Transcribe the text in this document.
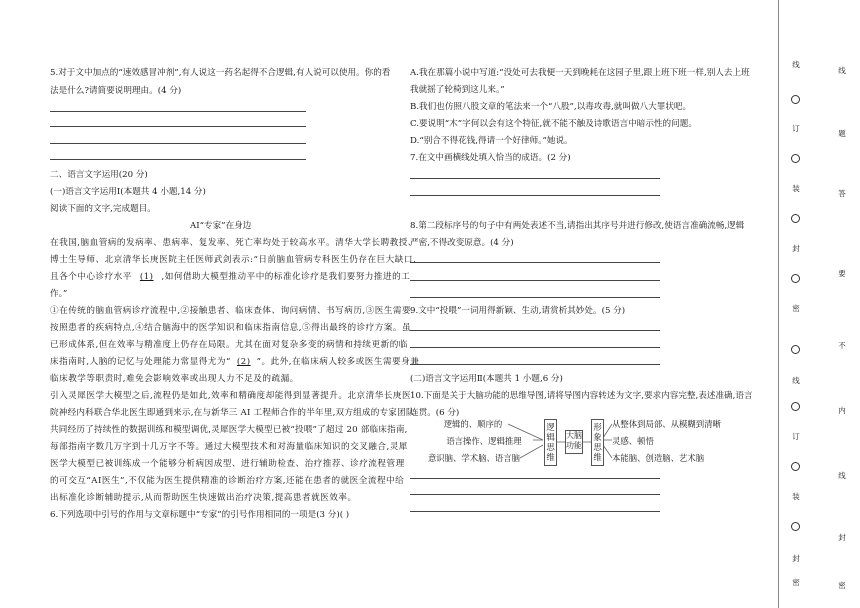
5.对于文中加点的“速效感冒冲剂”,有人说这一药名起得不合逻辑,有人说可以使用。你的看
法是什么?请简要说明理由。(4 分)
二、语言文字运用(20 分)
(一)语言文字运用Ⅰ(本题共 4 小题,14 分)
阅读下面的文字,完成题目。
AI“专家”在身边
在我国,脑血管病的发病率、患病率、复发率、死亡率均处于较高水平。清华大学长聘教授、
博士生导师、北京清华长庚医院主任医师武剑表示:“日前脑血管病专科医生仍存在巨大缺口,
且各个中心诊疗水平 (1) ,如何借助大模型推动平中的标准化诊疗是我们要努力推进的工
作。”
①在传统的脑血管病诊疗流程中,②接触患者、临床查体、询问病情、书写病历,③医生需要
按照患者的疾病特点,④结合脑海中的医学知识和临床指南信息,⑤得出最终的诊疗方案。虽
已形成体系,但在效率与精准度上仍存在局限。尤其在面对复杂多变的病情和持续更新的临
床指南时,人脑的记忆与处理能力常显得尤为“ (2) ”。此外,在临床病人较多或医生需要身兼
临床教学等职责时,难免会影响效率或出现人力不足及的疏漏。
引入灵犀医学大模型之后,流程仍是如此,效率和精确度却能得到显著提升。北京清华长庚医
院神经内科联合华北医生即通到来示,在与新华三 AI 工程师合作的半年里,双方组成的专家团队
共同经历了持续性的数据训练和模型调优,灵犀医学大模型已被“投喂”了超过 20 部临床指南,
每部指南字数几万字到十几万字不等。通过大模型技术和对海量临床知识的交叉融合,灵犀
医学大模型已被训练成一个能够分析病因成型、进行辅助检查、治疗推荐、诊疗流程管理
的可交互“AI医生”,不仅能为医生提供精准的诊断治疗方案,还能在患者的就医全流程中给
出标准化诊断辅助提示,从而帮助医生快速做出治疗决策,提高患者就医效率。
6.下列选项中引号的作用与文章标题中“专家”的引号作用相同的一项是(3 分)( )
A.我在那篇小说中写道:“没处可去我便一天到晚耗在这园子里,跟上班下班一样,别人去上班
我就摇了轮椅到这儿来。”
B.我们也仿照八股文章的笔法来一个“八股”,以毒攻毒,就叫做八大罪状吧。
C.要说明“木”字何以会有这个特征,就不能不触及诗歌语言中暗示性的问题。
D.“别合不得花钱,得请一个好律师。”她说。
7.在文中画横线处填入恰当的成语。(2 分)
8.第二段标序号的句子中有两处表述不当,请指出其序号并进行修改,使语言准确流畅,逻辑
严密,不得改变原意。(4 分)
9.文中“投喂”一词用得新颖、生动,请赏析其妙处。(5 分)
(二)语言文字运用Ⅱ(本题共 1 小题,6 分)
10.下面是关于大脑功能的思维导图,请将导图内容转述为文字,要求内容完整,表述准确,语言
连贯。(6 分)
逻辑的、顺序的
语言操作、逻辑推理
意识脑、学术脑、语言脑
逻辑思维
大脑功能
形象思维
从整体到局部、从模糊到清晰
灵感、顿悟
本能脑、创造脑、艺术脑
线
订
装
封
密
线
订
装
封
密
线
题
答
要
不
内
线
封
密
